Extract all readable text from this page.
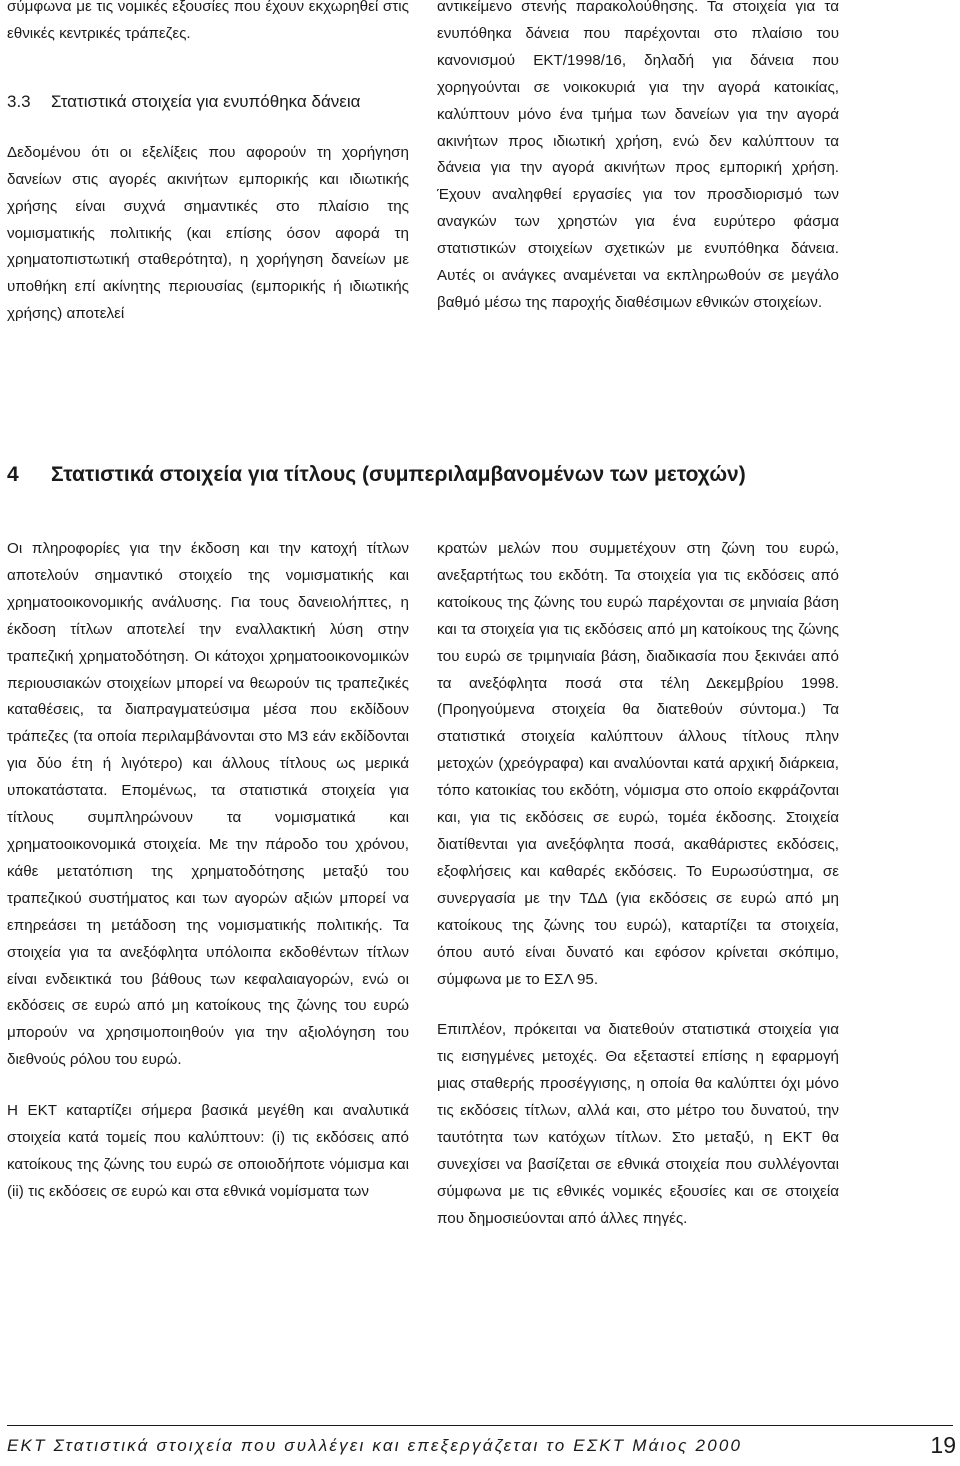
σύμφωνα με τις νομικές εξουσίες που έχουν εκχωρηθεί στις εθνικές κεντρικές τράπεζες.

3.3	Στατιστικά στοιχεία για ενυπόθηκα δάνεια

Δεδομένου ότι οι εξελίξεις που αφορούν τη χορήγηση δανείων στις αγορές ακινήτων εμπορικής και ιδιωτικής χρήσης είναι συχνά σημαντικές στο πλαίσιο της νομισματικής πολιτικής (και επίσης όσον αφορά τη χρηματοπιστωτική σταθερότητα), η χορήγηση δανείων με υποθήκη επί ακίνητης περιουσίας (εμπορικής ή ιδιωτικής χρήσης) αποτελεί

αντικείμενο στενής παρακολούθησης. Τα στοιχεία για τα ενυπόθηκα δάνεια που παρέχονται στο πλαίσιο του κανονισμού ΕΚΤ/1998/16, δηλαδή για δάνεια που χορηγούνται σε νοικοκυριά για την αγορά κατοικίας, καλύπτουν μόνο ένα τμήμα των δανείων για την αγορά ακινήτων προς ιδιωτική χρήση, ενώ δεν καλύπτουν τα δάνεια για την αγορά ακινήτων προς εμπορική χρήση. Έχουν αναληφθεί εργασίες για τον προσδιορισμό των αναγκών των χρηστών για ένα ευρύτερο φάσμα στατιστικών στοιχείων σχετικών με ενυπόθηκα δάνεια. Αυτές οι ανάγκες αναμένεται να εκπληρωθούν σε μεγάλο βαθμό μέσω της παροχής διαθέσιμων εθνικών στοιχείων.

4	Στατιστικά στοιχεία για τίτλους (συμπεριλαμβανομένων των μετοχών)

Οι πληροφορίες για την έκδοση και την κατοχή τίτλων αποτελούν σημαντικό στοιχείο της νομισματικής και χρηματοοικονομικής ανάλυσης. Για τους δανειολήπτες, η έκδοση τίτλων αποτελεί την εναλλακτική λύση στην τραπεζική χρηματοδότηση. Οι κάτοχοι χρηματοοικονομικών περιουσιακών στοιχείων μπορεί να θεωρούν τις τραπεζικές καταθέσεις, τα διαπραγματεύσιμα μέσα που εκδίδουν τράπεζες (τα οποία περιλαμβάνονται στο Μ3 εάν εκδίδονται για δύο έτη ή λιγότερο) και άλλους τίτλους ως μερικά υποκατάστατα. Επομένως, τα στατιστικά στοιχεία για τίτλους συμπληρώνουν τα νομισματικά και χρηματοοικονομικά στοιχεία. Με την πάροδο του χρόνου, κάθε μετατόπιση της χρηματοδότησης μεταξύ του τραπεζικού συστήματος και των αγορών αξιών μπορεί να επηρεάσει τη μετάδοση της νομισματικής πολιτικής. Τα στοιχεία για τα ανεξόφλητα υπόλοιπα εκδοθέντων τίτλων είναι ενδεικτικά του βάθους των κεφαλαιαγορών, ενώ οι εκδόσεις σε ευρώ από μη κατοίκους της ζώνης του ευρώ μπορούν να χρησιμοποιηθούν για την αξιολόγηση του διεθνούς ρόλου του ευρώ.

Η ΕΚΤ καταρτίζει σήμερα βασικά μεγέθη και αναλυτικά στοιχεία κατά τομείς που καλύπτουν: (i) τις εκδόσεις από κατοίκους της ζώνης του ευρώ σε οποιοδήποτε νόμισμα και (ii) τις εκδόσεις σε ευρώ και στα εθνικά νομίσματα των

κρατών μελών που συμμετέχουν στη ζώνη του ευρώ, ανεξαρτήτως του εκδότη. Τα στοιχεία για τις εκδόσεις από κατοίκους της ζώνης του ευρώ παρέχονται σε μηνιαία βάση και τα στοιχεία για τις εκδόσεις από μη κατοίκους της ζώνης του ευρώ σε τριμηνιαία βάση, διαδικασία που ξεκινάει από τα ανεξόφλητα ποσά στα τέλη Δεκεμβρίου 1998. (Προηγούμενα στοιχεία θα διατεθούν σύντομα.) Τα στατιστικά στοιχεία καλύπτουν άλλους τίτλους πλην μετοχών (χρεόγραφα) και αναλύονται κατά αρχική διάρκεια, τόπο κατοικίας του εκδότη, νόμισμα στο οποίο εκφράζονται και, για τις εκδόσεις σε ευρώ, τομέα έκδοσης. Στοιχεία διατίθενται για ανεξόφλητα ποσά, ακαθάριστες εκδόσεις, εξοφλήσεις και καθαρές εκδόσεις. Το Ευρωσύστημα, σε συνεργασία με την ΤΔΔ (για εκδόσεις σε ευρώ από μη κατοίκους της ζώνης του ευρώ), καταρτίζει τα στοιχεία, όπου αυτό είναι δυνατό και εφόσον κρίνεται σκόπιμο, σύμφωνα με το ΕΣΛ 95.

Επιπλέον, πρόκειται να διατεθούν στατιστικά στοιχεία για τις εισηγμένες μετοχές. Θα εξεταστεί επίσης η εφαρμογή μιας σταθερής προσέγγισης, η οποία θα καλύπτει όχι μόνο τις εκδόσεις τίτλων, αλλά και, στο μέτρο του δυνατού, την ταυτότητα των κατόχων τίτλων. Στο μεταξύ, η ΕΚΤ θα συνεχίσει να βασίζεται σε εθνικά στοιχεία που συλλέγονται σύμφωνα με τις εθνικές νομικές εξουσίες και σε στοιχεία που δημοσιεύονται από άλλες πηγές.

ΕΚΤ Στατιστικά στοιχεία που συλλέγει και επεξεργάζεται το ΕΣΚΤ Μάιος 2000	19
